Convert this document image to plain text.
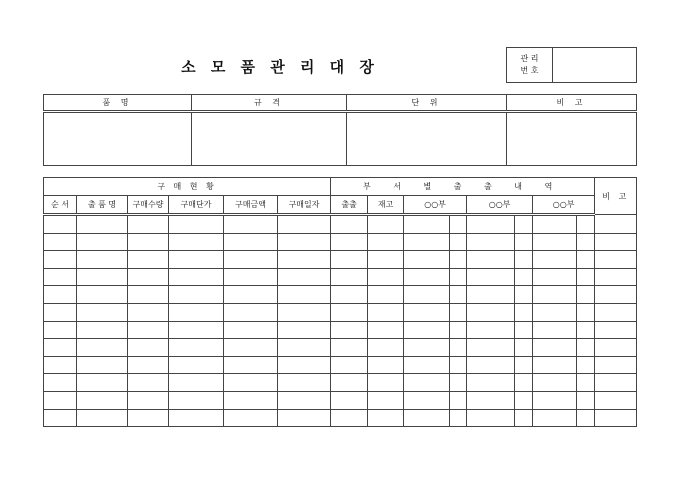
소 모 품 관 리 대 장	관 리
번 호

품 명	규 격	단 위	비 고

구 매 현 황						부 서 별 출 출 내 역								비 고
순 서	출 품 명	구매수량	구매단가	구매금액	구매일자	출출	재고	○○부		○○부		○○부		
